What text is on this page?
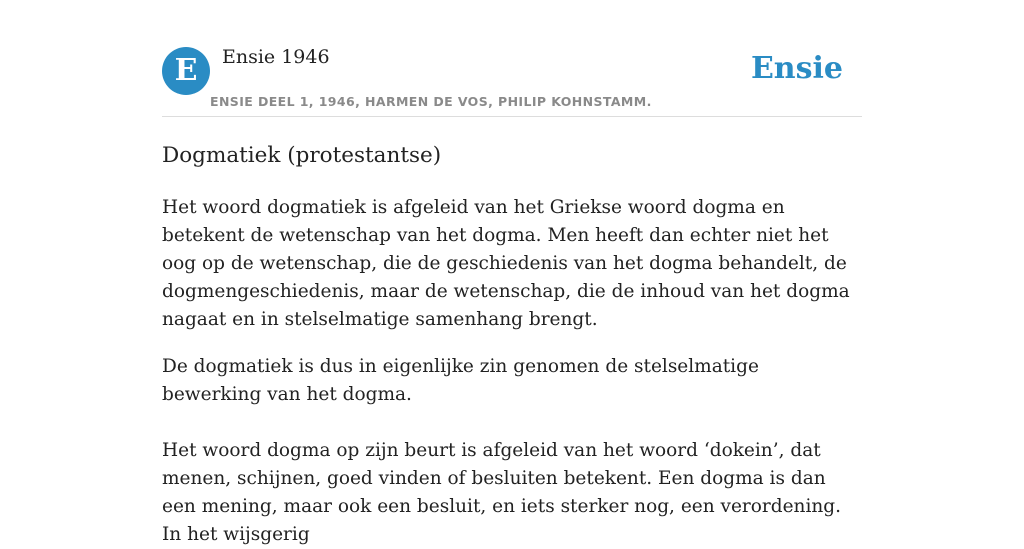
E	Ensie 1946
ENSIE DEEL 1, 1946, HARMEN DE VOS, PHILIP KOHNSTAMM.
Ensie
Dogmatiek (protestantse)

Het woord dogmatiek is afgeleid van het Griekse woord dogma en betekent de wetenschap van het dogma. Men heeft dan echter niet het oog op de wetenschap, die de geschiedenis van het dogma behandelt, de dogmengeschiedenis, maar de wetenschap, die de inhoud van het dogma nagaat en in stelselmatige samenhang brengt.

De dogmatiek is dus in eigenlijke zin genomen de stelselmatige bewerking van het dogma.

Het woord dogma op zijn beurt is afgeleid van het woord ‘dokein’, dat menen, schijnen, goed vinden of besluiten betekent. Een dogma is dan een mening, maar ook een besluit, en iets sterker nog, een verordening. In het wijsgerig
